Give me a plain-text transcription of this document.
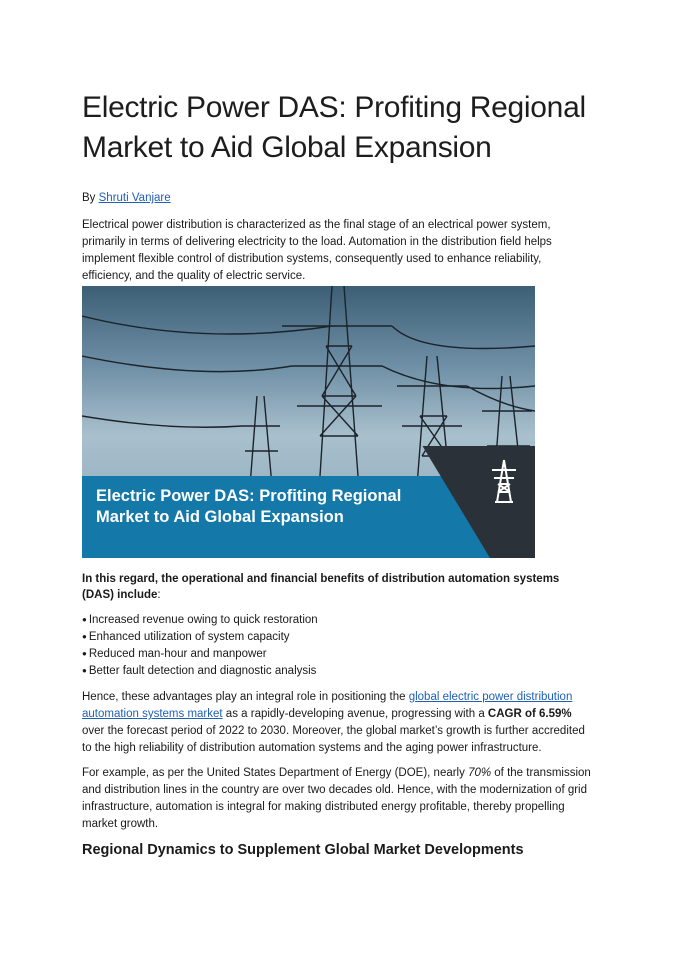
Electric Power DAS: Profiting Regional Market to Aid Global Expansion
By Shruti Vanjare

Electrical power distribution is characterized as the final stage of an electrical power system, primarily in terms of delivering electricity to the load. Automation in the distribution field helps implement flexible control of distribution systems, consequently used to enhance reliability, efficiency, and the quality of electric service.

Electric Power DAS: Profiting Regional Market to Aid Global Expansion

In this regard, the operational and financial benefits of distribution automation systems (DAS) include:

● Increased revenue owing to quick restoration
● Enhanced utilization of system capacity
● Reduced man-hour and manpower
● Better fault detection and diagnostic analysis

Hence, these advantages play an integral role in positioning the global electric power distribution automation systems market as a rapidly-developing avenue, progressing with a CAGR of 6.59% over the forecast period of 2022 to 2030. Moreover, the global market’s growth is further accredited to the high reliability of distribution automation systems and the aging power infrastructure.

For example, as per the United States Department of Energy (DOE), nearly 70% of the transmission and distribution lines in the country are over two decades old. Hence, with the modernization of grid infrastructure, automation is integral for making distributed energy profitable, thereby propelling market growth.

Regional Dynamics to Supplement Global Market Developments
